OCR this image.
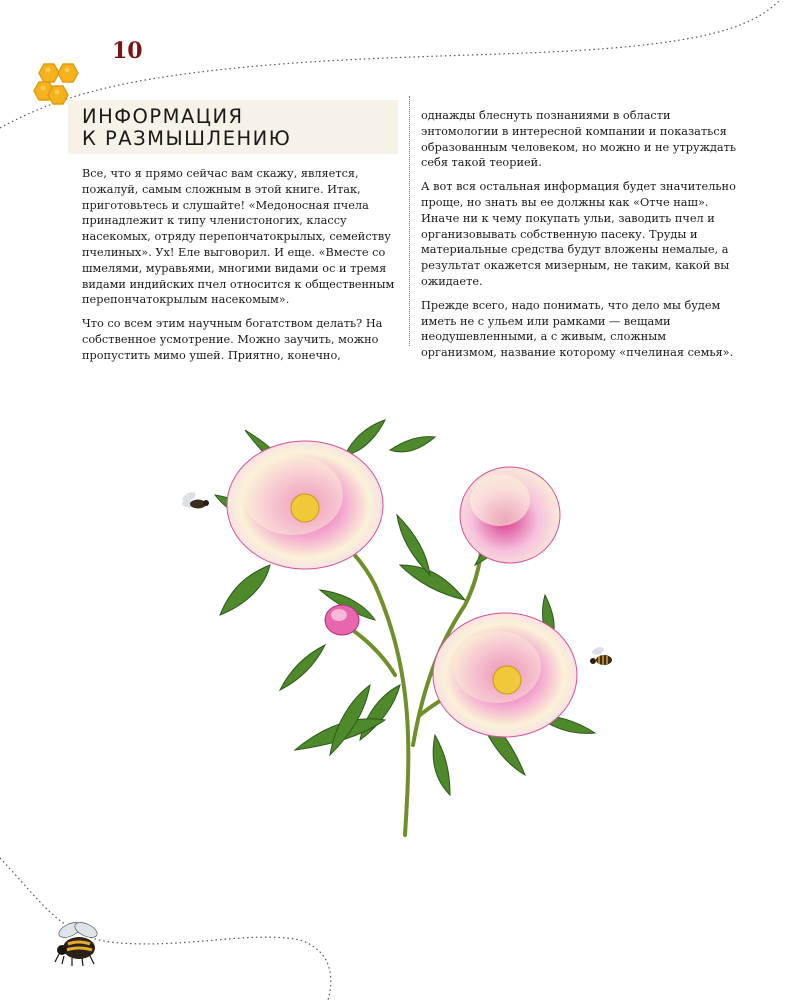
10
ИНФОРМАЦИЯ
К РАЗМЫШЛЕНИЮ

Все, что я прямо сейчас вам скажу, является, пожалуй, самым сложным в этой книге. Итак, приготовьтесь и слушайте! «Медоносная пчела принадлежит к типу членистоногих, классу насекомых, отряду перепончатокрылых, семейству пчелиных». Ух! Еле выговорил. И еще. «Вместе со шмелями, муравьями, многими видами ос и тремя видами индийских пчел относится к общественным перепончатокрылым насекомым».

Что со всем этим научным богатством делать? На собственное усмотрение. Можно заучить, можно пропустить мимо ушей. Приятно, конечно,

однажды блеснуть познаниями в области энтомологии в интересной компании и показаться образованным человеком, но можно и не утруждать себя такой теорией.

А вот вся остальная информация будет значительно проще, но знать вы ее должны как «Отче наш». Иначе ни к чему покупать ульи, заводить пчел и организовывать собственную пасеку. Труды и материальные средства будут вложены немалые, а результат окажется мизерным, не таким, какой вы ожидаете.

Прежде всего, надо понимать, что дело мы будем иметь не с ульем или рамками — вещами неодушевленными, а с живым, сложным организмом, название которому «пчелиная семья».
